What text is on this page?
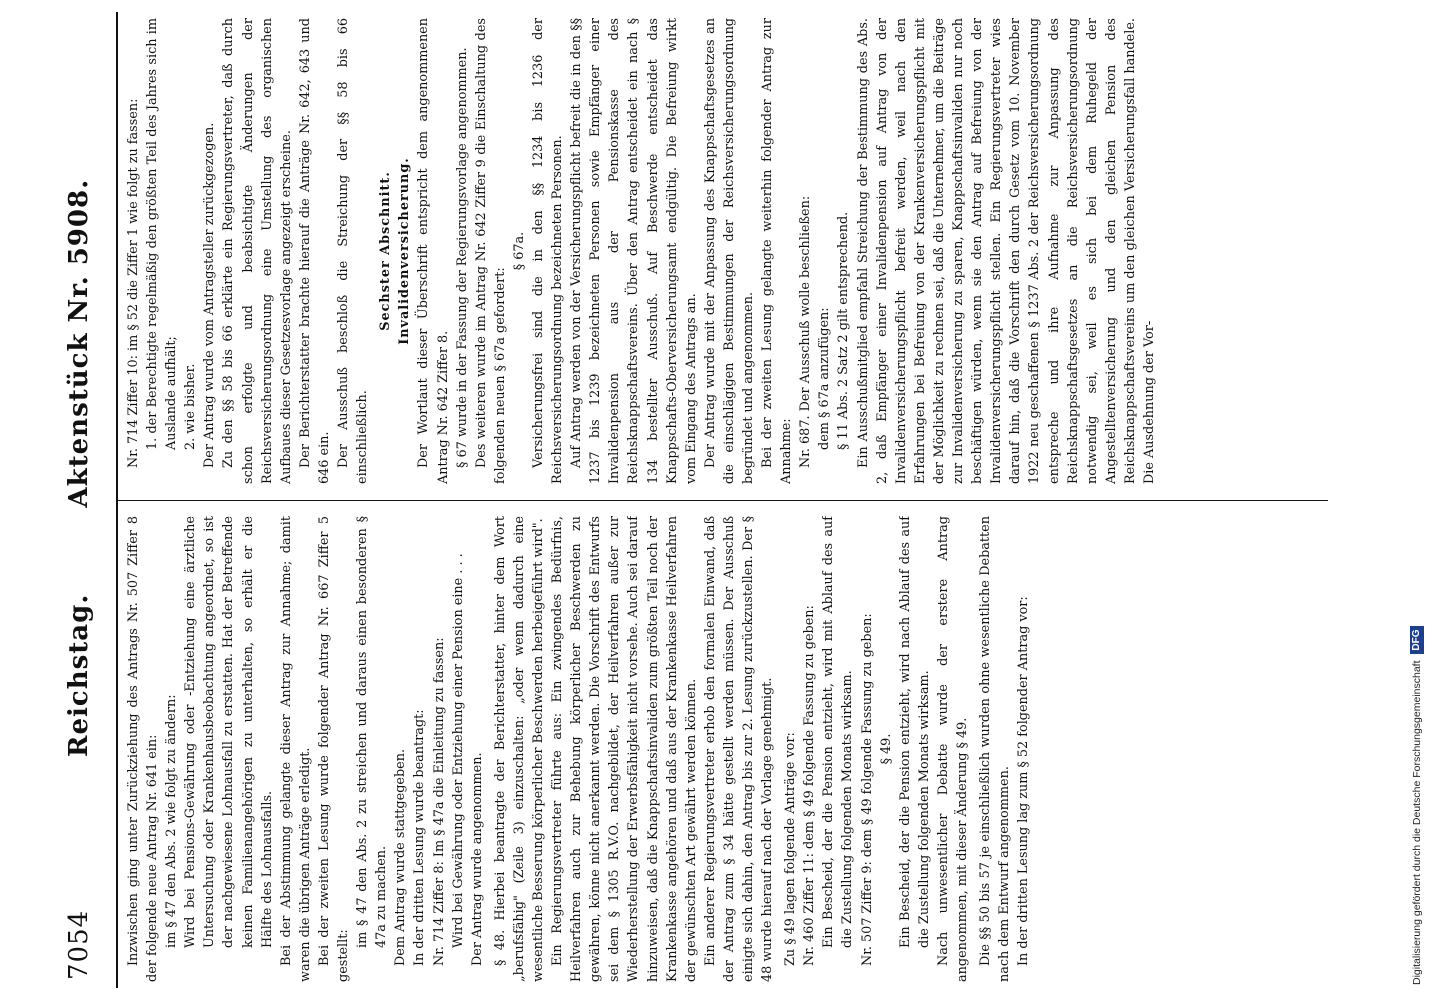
7054
Reichstag. Aktenstück Nr. 5908.

Inzwischen ging unter Zurückziehung des Antrags Nr. 507 Ziffer 8 der folgende neue Antrag Nr. 641 ein: im § 47 den Abs. 2 wie folgt zu ändern: Wird bei Pensions-Gewährung oder -Entziehung eine ärztliche Untersuchung oder Krankenhausbeobachtung angeordnet, so ist der nachgewiesene Lohnausfall zu erstatten. Hat der Betreffende keinen Familienangehörigen zu unterhalten, so erhält er die Hälfte des Lohnausfalls. Bei der Abstimmung gelangte dieser Antrag zur Annahme; damit waren die übrigen Anträge erledigt. Bei der zweiten Lesung wurde folgender Antrag Nr. 667 Ziffer 5 gestellt:

im § 47 den Abs. 2 zu streichen und daraus einen besonderen § 47a zu machen. Dem Antrag wurde stattgegeben. In der dritten Lesung wurde beantragt: Nr. 714 Ziffer 8: Im § 47a die Einleitung zu fassen: Wird bei Gewährung oder Entziehung einer Pension eine . . . Der Antrag wurde angenommen. § 48. Hierbei beantragte der Berichterstatter, hinter dem Wort „berufsfähig" (Zeile 3) einzuschalten: „oder wenn dadurch eine wesentliche Besserung körperlicher Beschwerden herbeigeführt wird". Ein Regierungsvertreter führte aus: Ein zwingendes Bedürfnis, Heilverfahren auch zur Behebung körperlicher Beschwerden zu gewähren, könne nicht anerkannt werden. Die Vorschrift des Entwurfs sei dem § 1305 R.V.O. nachgebildet, der Heilverfahren außer zur Wiederherstellung der Erwerbsfähigkeit nicht vorsehe. Auch sei darauf hinzuweisen, daß die Knappschaftsinvaliden zum größten Teil noch der Krankenkasse angehören und daß aus der Krankenkasse Heilverfahren der gewünschten Art gewährt werden können. Ein anderer Regierungsvertreter erhob den formalen Einwand, daß der Antrag zum § 34 hätte gestellt werden müssen. Der Ausschuß einigte sich dahin, den Antrag bis zur 2. Lesung zurückzustellen. Der § 48 wurde hierauf nach der Vorlage genehmigt. Zu § 49 lagen folgende Anträge vor: Nr. 460 Ziffer 11: dem § 49 folgende Fassung zu geben: Ein Bescheid, der die Pension entzieht, wird mit Ablauf des auf die Zustellung folgenden Monats wirksam. Nr. 507 Ziffer 9: dem § 49 folgende Fassung zu geben: § 49. Ein Bescheid, der die Pension entzieht, wird nach Ablauf des auf die Zustellung folgenden Monats wirksam. Nach unwesentlicher Debatte wurde der erstere Antrag angenommen, mit dieser Änderung § 49. Die §§ 50 bis 57 je einschließlich wurden ohne wesentliche Debatten nach dem Entwurf angenommen. In der dritten Lesung lag zum § 52 folgender Antrag vor:

Nr. 714 Ziffer 10: im § 52 die Ziffer 1 wie folgt zu fassen: 1. der Berechtigte regelmäßig den größten Teil des Jahres sich im Auslande aufhält; 2. wie bisher. Der Antrag wurde vom Antragsteller zurückgezogen. Zu den §§ 58 bis 66 erklärte ein Regierungsvertreter, daß durch schon erfolgte und beabsichtigte Änderungen der Reichsversicherungsordnung eine Umstellung des organischen Aufbaues dieser Gesetzesvorlage angezeigt erscheine. Der Berichterstatter brachte hierauf die Anträge Nr. 642, 643 und 646 ein. Der Ausschuß beschloß die Streichung der §§ 58 bis 66 einschließlich.

Sechster Abschnitt. Invalidenversicherung. Der Wortlaut dieser Überschrift entspricht dem angenommenen Antrag Nr. 642 Ziffer 8. § 67 wurde in der Fassung der Regierungsvorlage angenommen. Des weiteren wurde im Antrag Nr. 642 Ziffer 9 die Einschaltung des folgenden neuen § 67a gefordert:

§ 67a. Versicherungsfrei sind die in den §§ 1234 bis 1236 der Reichsversicherungsordnung bezeichneten Personen. Auf Antrag werden von der Versicherungspflicht befreit die in den §§ 1237 bis 1239 bezeichneten Personen sowie Empfänger einer Invalidenpension aus der Pensionskasse des Reichsknappschaftsvereins. Über den Antrag entscheidet ein nach § 134 bestellter Ausschuß. Auf Beschwerde entscheidet das Knappschafts-Oberversicherungsamt endgültig. Die Befreiung wirkt vom Eingang des Antrags an. Der Antrag wurde mit der Anpassung des Knappschaftsgesetzes an die einschlägigen Bestimmungen der Reichsversicherungsordnung begründet und angenommen. Bei der zweiten Lesung gelangte weiterhin folgender Antrag zur Annahme: Nr. 687. Der Ausschuß wolle beschließen: dem § 67a anzufügen: § 11 Abs. 2 Satz 2 gilt entsprechend. Ein Ausschußmitglied empfahl Streichung der Bestimmung des Abs. 2, daß Empfänger einer Invalidenpension auf Antrag von der Invalidenversicherungspflicht befreit werden, weil nach den Erfahrungen bei Befreiung von der Krankenversicherungspflicht mit der Möglichkeit zu rechnen sei, daß die Unternehmer, um die Beiträge zur Invalidenversicherung zu sparen, Knappschaftsinvaliden nur noch beschäftigen würden, wenn sie den Antrag auf Befreiung von der Invalidenversicherungspflicht stellen. Ein Regierungsvertreter wies darauf hin, daß die Vorschrift den durch Gesetz vom 10. November 1922 neu geschaffenen § 1237 Abs. 2 der Reichsversicherungsordnung entspreche und ihre Aufnahme zur Anpassung des Reichsknappschaftsgesetzes an die Reichsversicherungsordnung notwendig sei, weil es sich bei dem Ruhegeld der Angestelltenversicherung und den gleichen Pension des Reichsknappschaftsvereins um den gleichen Versicherungsfall handele. Die Ausdehnung der Vor-

Digitalisierung gefördert durch die Deutsche Forschungsgemeinschaft DFG
